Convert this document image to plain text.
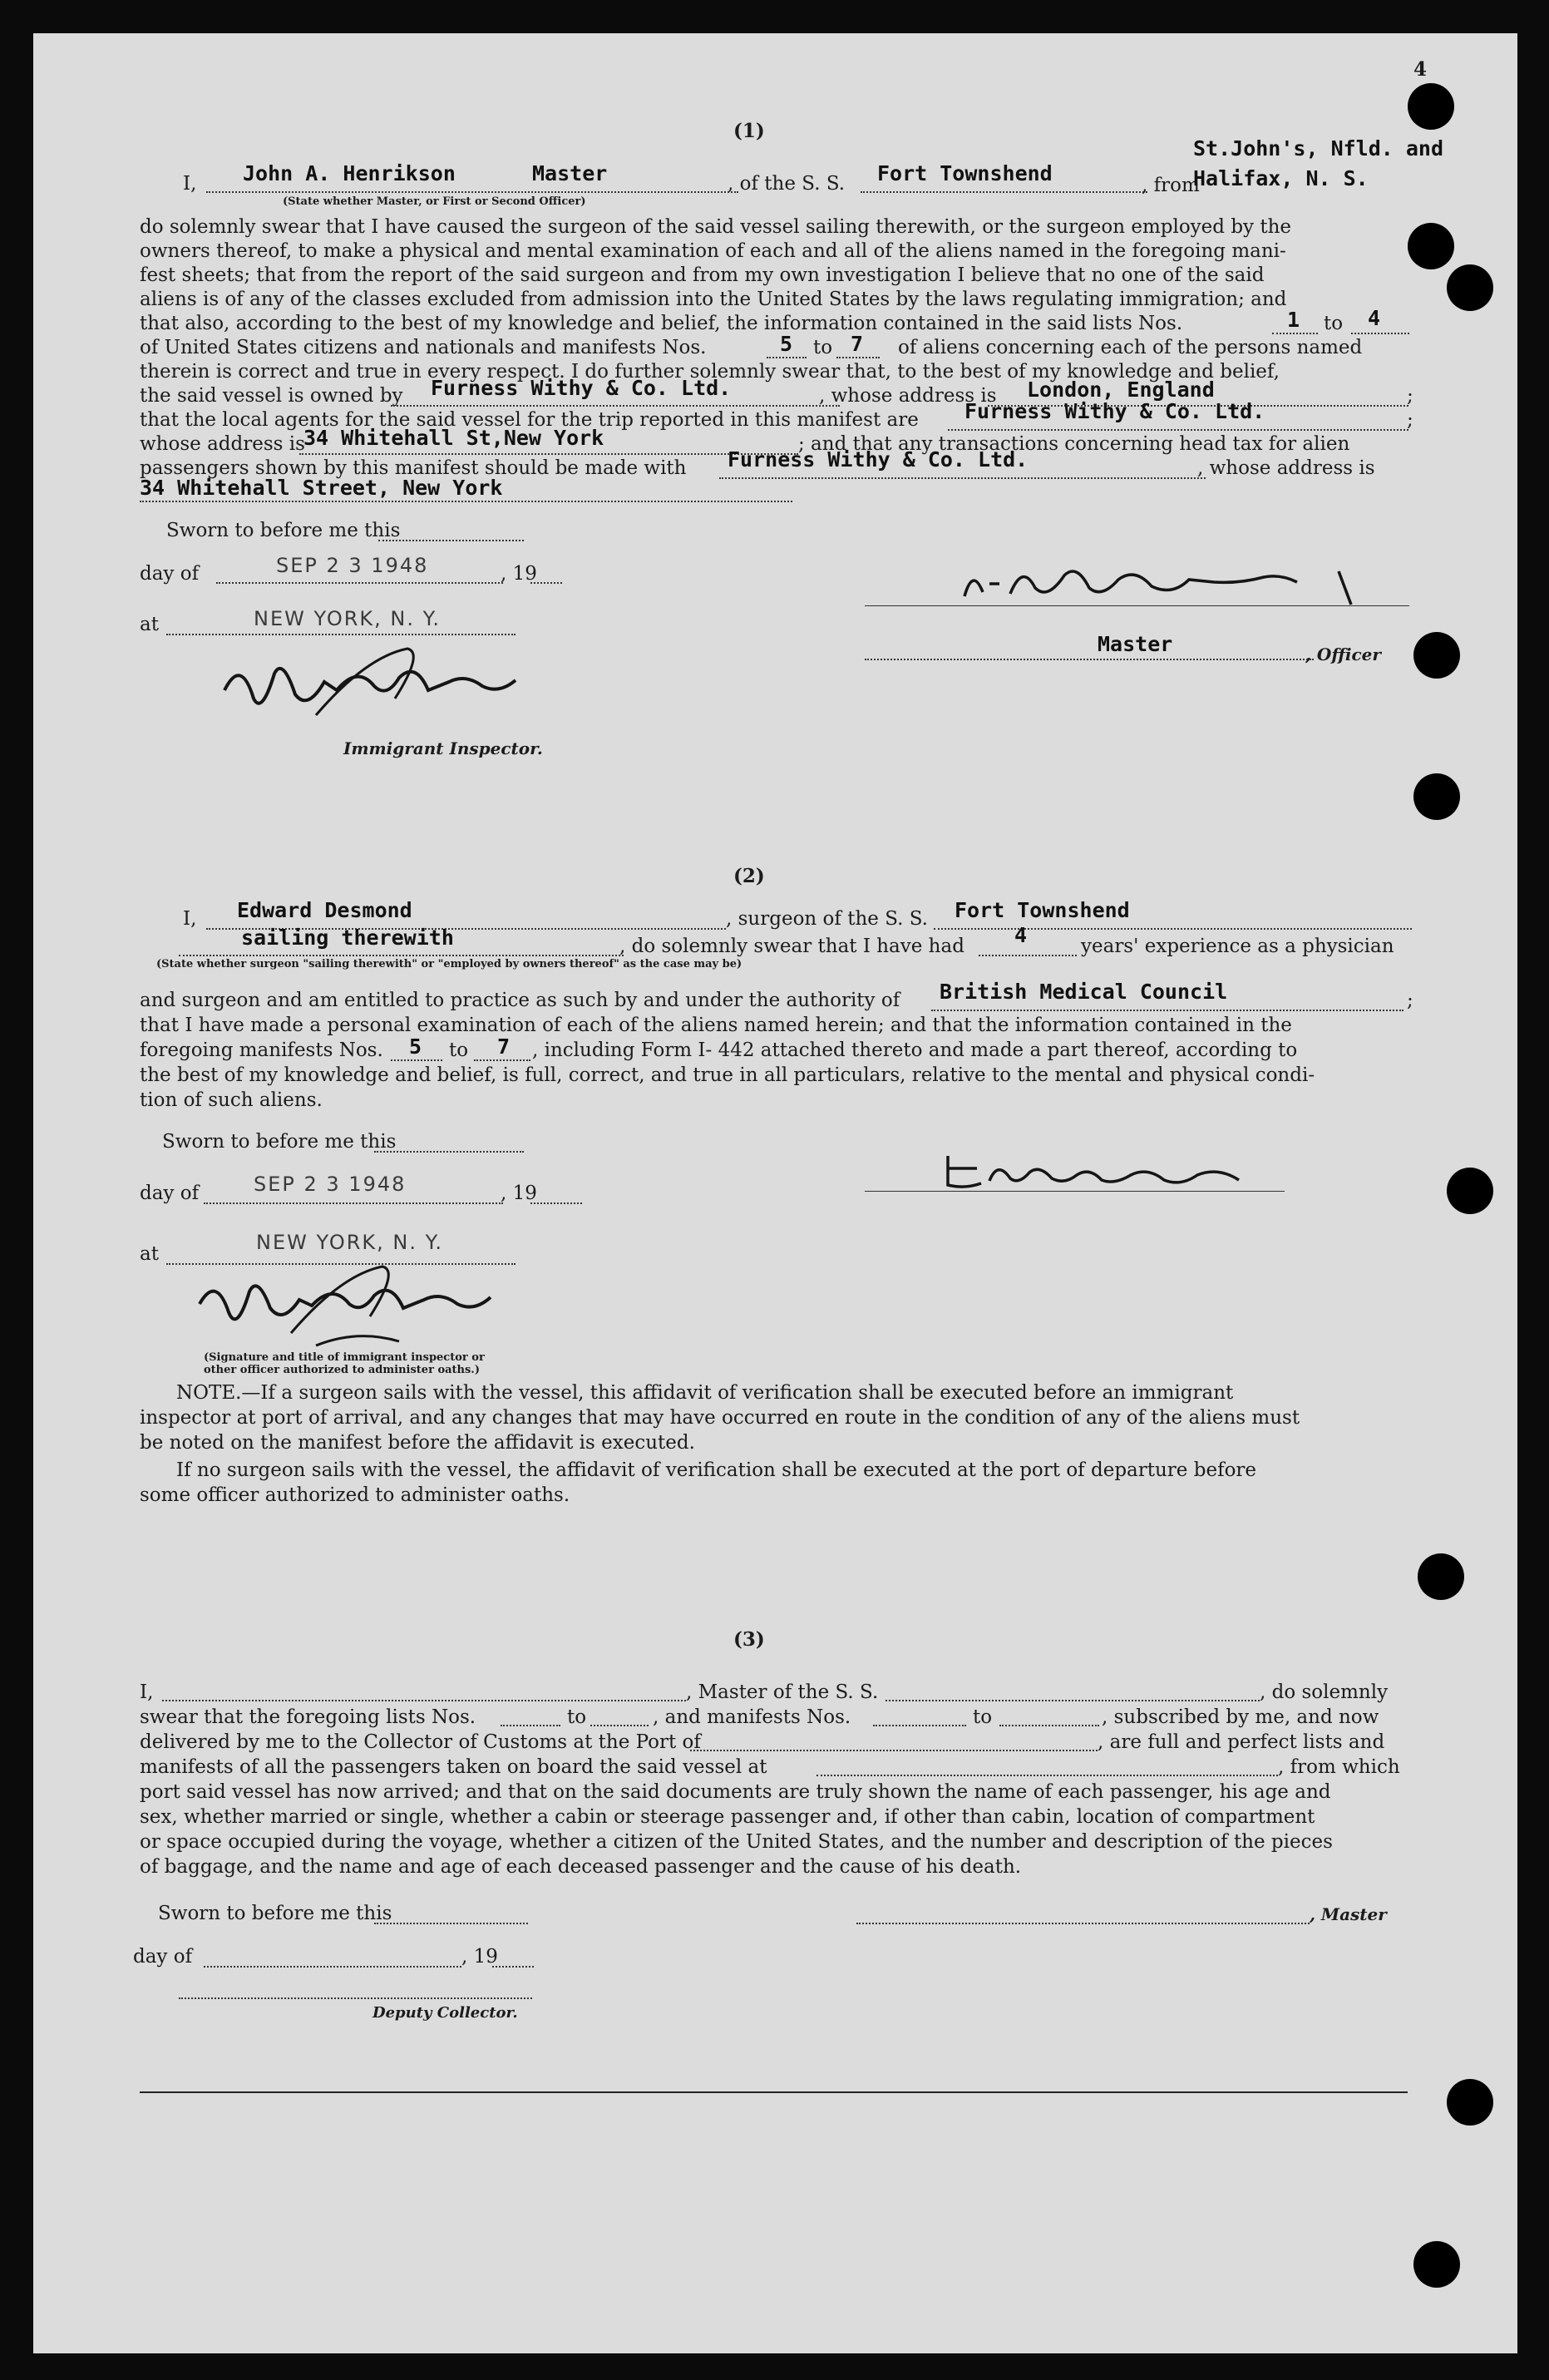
4
(1)
I, John A. Henrikson	Master
(State whether Master, or First or Second Officer)
, of the S. S. Fort Townshend	, from
St.John's, Nfld. and
Halifax, N. S.
do solemnly swear that I have caused the surgeon of the said vessel sailing therewith, or the surgeon employed by the
owners thereof, to make a physical and mental examination of each and all of the aliens named in the foregoing mani-
fest sheets; that from the report of the said surgeon and from my own investigation I believe that no one of the said
aliens is of any of the classes excluded from admission into the United States by the laws regulating immigration; and
that also, according to the best of my knowledge and belief, the information contained in the said lists Nos.	1 to 4
of United States citizens and nationals and manifests Nos.	5 to 7 of aliens concerning each of the persons named
therein is correct and true in every respect. I do further solemnly swear that, to the best of my knowledge and belief,
the said vessel is owned by Furness Withy & Co. Ltd.	, whose address is London, England	;
that the local agents for the said vessel for the trip reported in this manifest are Furness Withy & Co. Ltd.	;
whose address is
34 Whitehall St,New York	; and that any transactions concerning head tax for alien
passengers shown by this manifest should be made with Furness Withy & Co. Ltd.	, whose address is
34 Whitehall Street, New York
Sworn to before me this
day of	SEP 2 3 1948	, 19
at	NEW YORK, N. Y.
Immigrant Inspector.
Master	, Officer
(2)
I, Edward Desmond	, surgeon of the S. S. Fort Townshend
sailing therewith	, do solemnly swear that I have had 4	years' experience as a physician
(State whether surgeon "sailing therewith" or "employed by owners thereof" as the case may be)
and surgeon and am entitled to practice as such by and under the authority of British Medical Council	;
that I have made a personal examination of each of the aliens named herein; and that the information contained in the
foregoing manifests Nos. 5 to 7 , including Form I- 442 attached thereto and made a part thereof, according to
the best of my knowledge and belief, is full, correct, and true in all particulars, relative to the mental and physical condi-
tion of such aliens.
Sworn to before me this
day of	SEP 2 3 1948	, 19
at	NEW YORK, N. Y.
(Signature and title of immigrant inspector or
other officer authorized to administer oaths.)
NOTE.—If a surgeon sails with the vessel, this affidavit of verification shall be executed before an immigrant
inspector at port of arrival, and any changes that may have occurred en route in the condition of any of the aliens must
be noted on the manifest before the affidavit is executed.
If no surgeon sails with the vessel, the affidavit of verification shall be executed at the port of departure before
some officer authorized to administer oaths.
(3)
I,	, Master of the S. S.	, do solemnly
swear that the foregoing lists Nos.	to	, and manifests Nos.	to	, subscribed by me, and now
delivered by me to the Collector of Customs at the Port of	, are full and perfect lists and
manifests of all the passengers taken on board the said vessel at	, from which
port said vessel has now arrived; and that on the said documents are truly shown the name of each passenger, his age and
sex, whether married or single, whether a cabin or steerage passenger and, if other than cabin, location of compartment
or space occupied during the voyage, whether a citizen of the United States, and the number and description of the pieces
of baggage, and the name and age of each deceased passenger and the cause of his death.
Sworn to before me this	, Master
day of	, 19
Deputy Collector.
